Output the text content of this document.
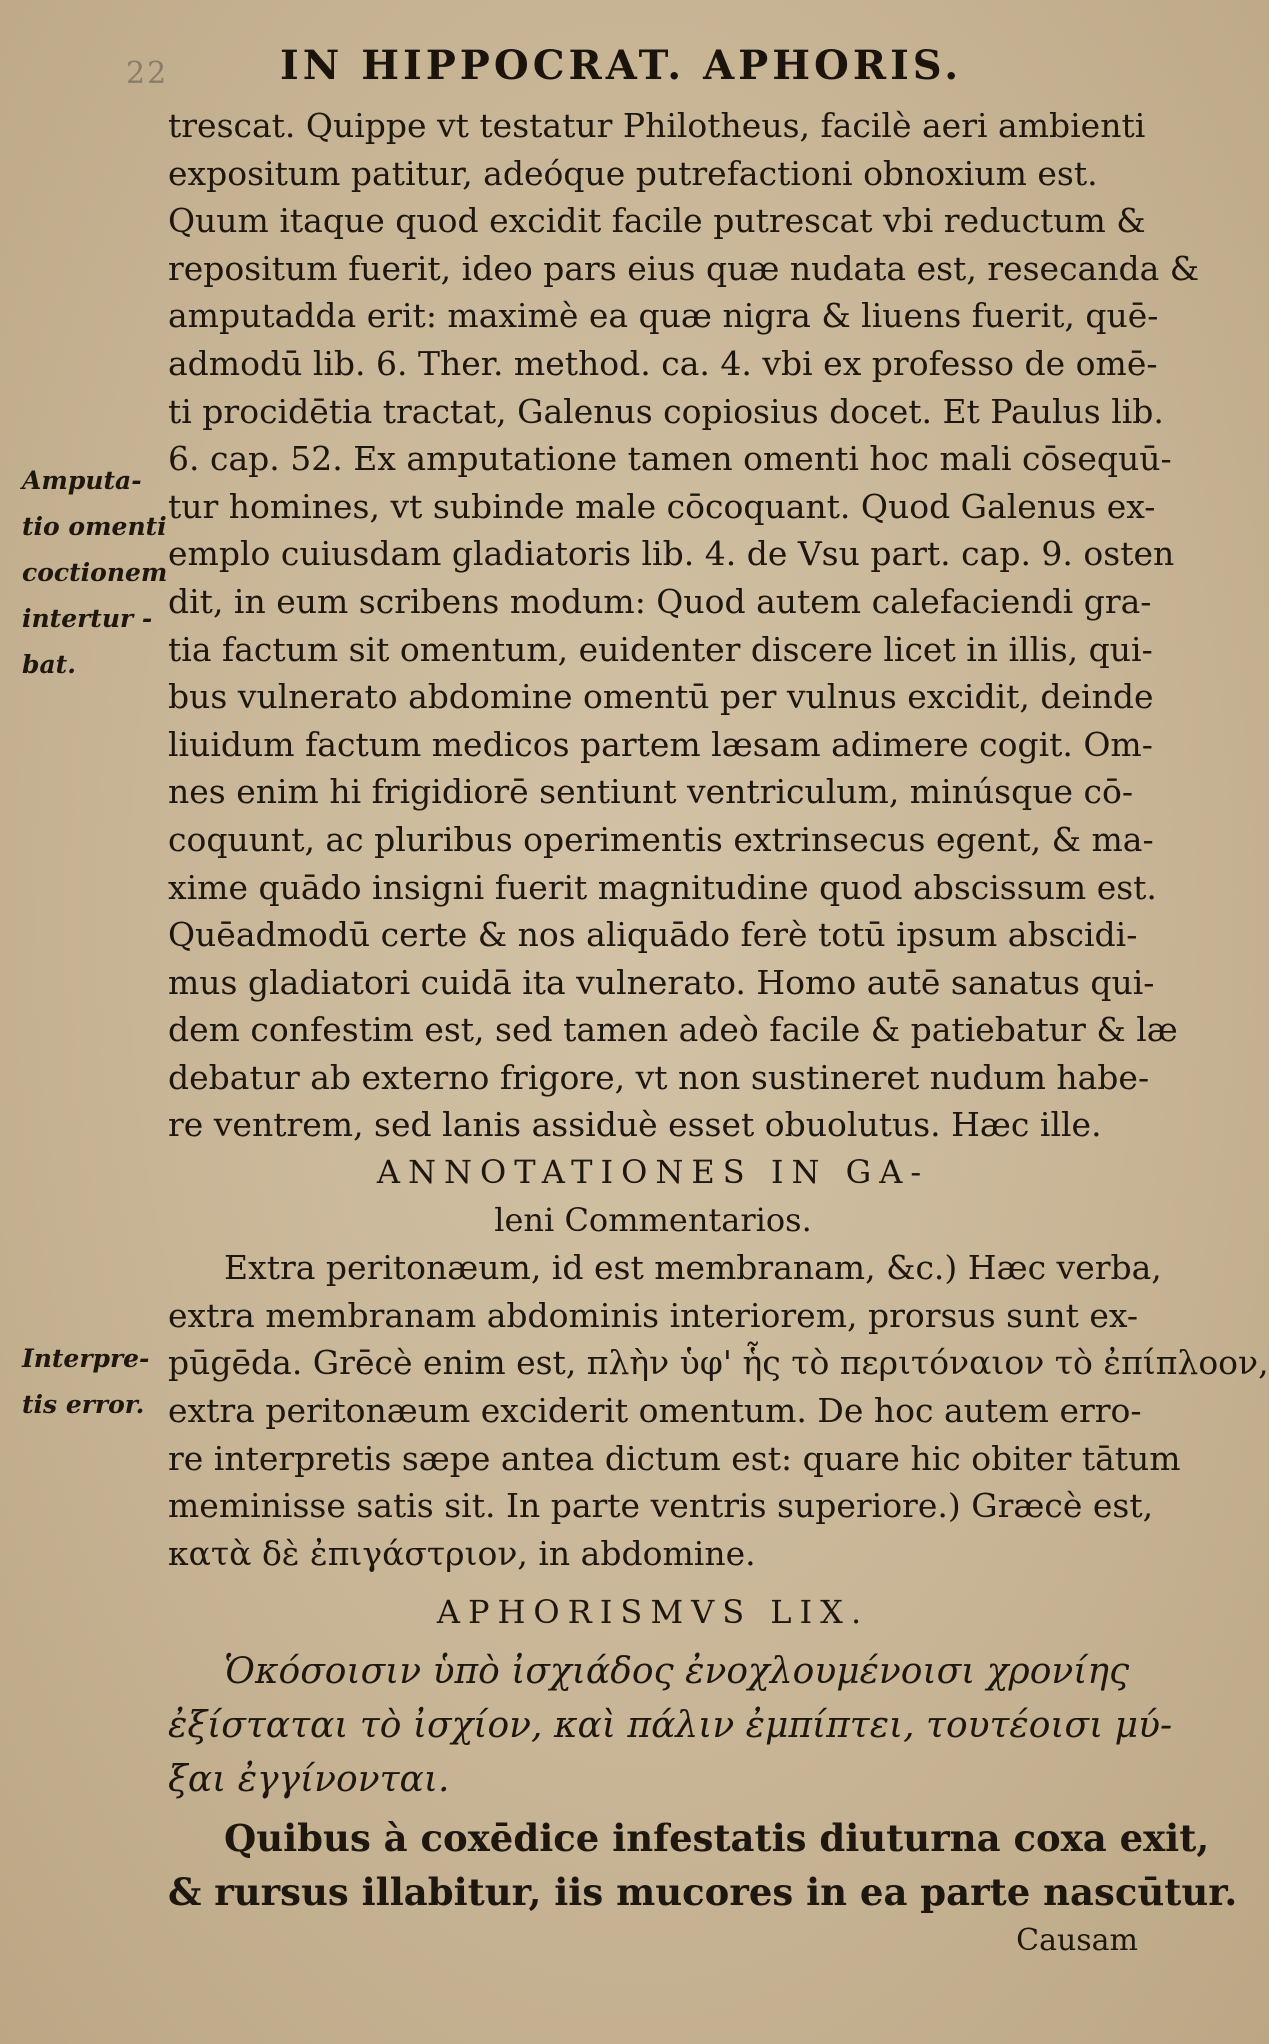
22	IN HIPPOCRAT. APHORIS.
Amputa-
tio omenti
coctionem
intertur -
bat.
Interpre-
tis error.
trescat. Quippe vt testatur Philotheus, facilè aeri ambienti
expositum patitur, adeóque putrefactioni obnoxium est.
Quum itaque quod excidit facile putrescat vbi reductum &
repositum fuerit, ideo pars eius quæ nudata est, resecanda &
amputadda erit: maximè ea quæ nigra & liuens fuerit, quē-
admodū lib. 6. Ther. method. ca. 4. vbi ex professo de omē-
ti procidētia tractat, Galenus copiosius docet. Et Paulus lib.
6. cap. 52. Ex amputatione tamen omenti hoc mali cōsequū-
tur homines, vt subinde male cōcoquant. Quod Galenus ex-
emplo cuiusdam gladiatoris lib. 4. de Vsu part. cap. 9. osten
dit, in eum scribens modum: Quod autem calefaciendi gra-
tia factum sit omentum, euidenter discere licet in illis, qui-
bus vulnerato abdomine omentū per vulnus excidit, deinde
liuidum factum medicos partem læsam adimere cogit. Om-
nes enim hi frigidiorē sentiunt ventriculum, minúsque cō-
coquunt, ac pluribus operimentis extrinsecus egent, & ma-
xime quādo insigni fuerit magnitudine quod abscissum est.
Quēadmodū certe & nos aliquādo ferè totū ipsum abscidi-
mus gladiatori cuidā ita vulnerato. Homo autē sanatus qui-
dem confestim est, sed tamen adeò facile & patiebatur & læ
debatur ab externo frigore, vt non sustineret nudum habe-
re ventrem, sed lanis assiduè esset obuolutus. Hæc ille.
ANNOTATIONES IN GA-
leni Commentarios.
Extra peritonæum, id est membranam, &c.) Hæc verba,
extra membranam abdominis interiorem, prorsus sunt ex-
pūgēda. Grēcè enim est, πλὴν ὑφ' ἧς τὸ περιτόναιον τὸ ἐπίπλοον,
extra peritonæum exciderit omentum. De hoc autem erro-
re interpretis sæpe antea dictum est: quare hic obiter tātum
meminisse satis sit. In parte ventris superiore.) Græcè est,
κατὰ δὲ ἐπιγάστριον, in abdomine.
APHORISMVS LIX.
Ὁκόσοισιν ὑπὸ ἰσχιάδος ἐνοχλουμένοισι χρονίης
ἐξίσταται τὸ ἰσχίον, καὶ πάλιν ἐμπίπτει, τουτέοισι μύ-
ξαι ἐγγίνονται.
Quibus à coxēdice infestatis diuturna coxa exit,
& rursus illabitur, iis mucores in ea parte nascūtur.
Causam
